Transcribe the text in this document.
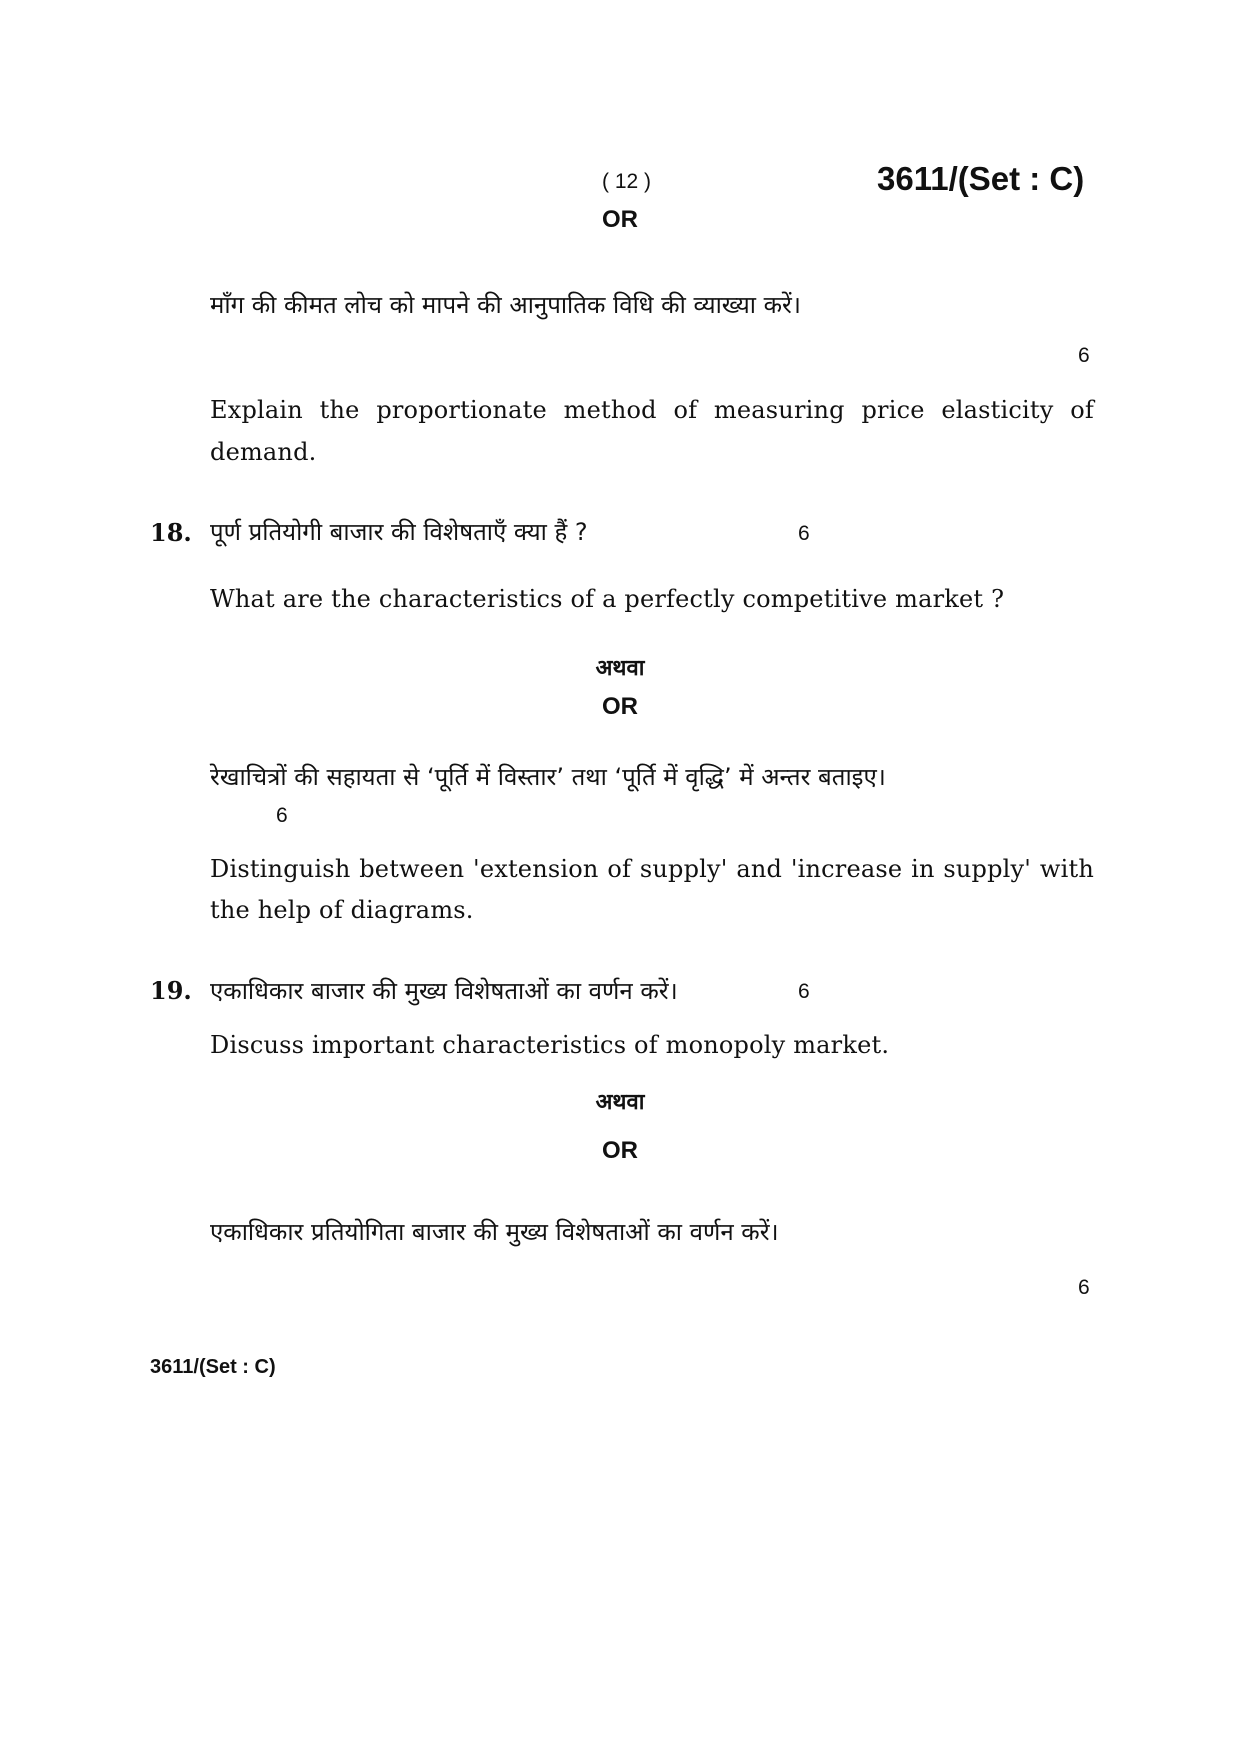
( 12 )	3611/(Set : C)
OR
माँग की कीमत लोच को मापने की आनुपातिक विधि की व्याख्या करें।
6
Explain the proportionate method of measuring price elasticity of
demand.
18. पूर्ण प्रतियोगी बाजार की विशेषताएँ क्या हैं ?	6
What are the characteristics of a perfectly competitive market ?
अथवा
OR
रेखाचित्रों की सहायता से ‘पूर्ति में विस्तार’ तथा ‘पूर्ति में वृद्धि’ में अन्तर बताइए।
6
Distinguish between 'extension of supply' and 'increase in supply' with
the help of diagrams.
19. एकाधिकार बाजार की मुख्य विशेषताओं का वर्णन करें।	6
Discuss important characteristics of monopoly market.
अथवा
OR
एकाधिकार प्रतियोगिता बाजार की मुख्य विशेषताओं का वर्णन करें।
6
3611/(Set : C)
